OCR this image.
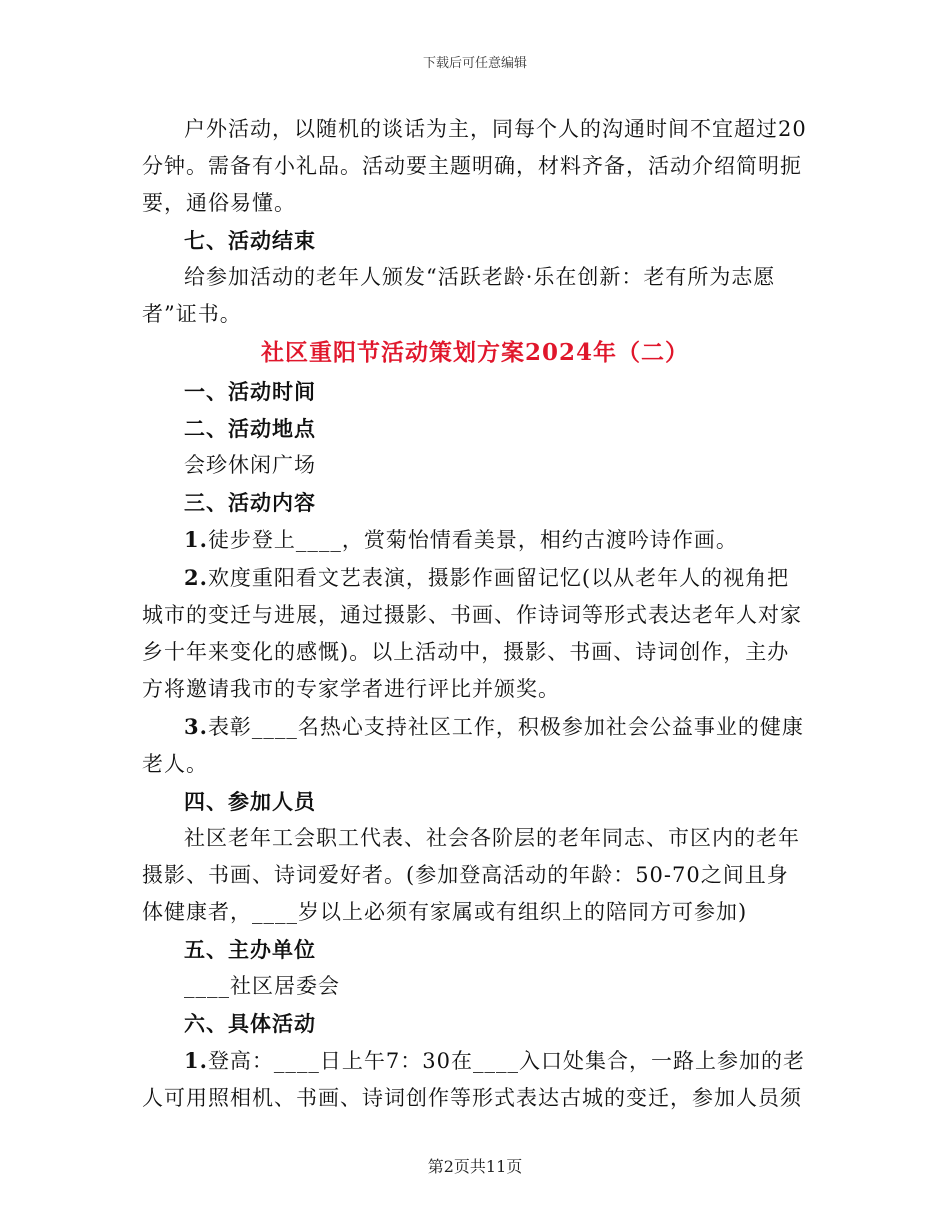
下载后可任意编辑

户外活动，以随机的谈话为主，同每个人的沟通时间不宜超过20分钟。需备有小礼品。活动要主题明确，材料齐备，活动介绍简明扼要，通俗易懂。

七、活动结束

给参加活动的老年人颁发“活跃老龄·乐在创新：老有所为志愿者”证书。

社区重阳节活动策划方案2024年（二）

一、活动时间

二、活动地点

会珍休闲广场

三、活动内容

1.徒步登上____，赏菊怡情看美景，相约古渡吟诗作画。

2.欢度重阳看文艺表演，摄影作画留记忆(以从老年人的视角把城市的变迁与进展，通过摄影、书画、作诗词等形式表达老年人对家乡十年来变化的感慨)。以上活动中，摄影、书画、诗词创作，主办方将邀请我市的专家学者进行评比并颁奖。

3.表彰____名热心支持社区工作，积极参加社会公益事业的健康老人。

四、参加人员

社区老年工会职工代表、社会各阶层的老年同志、市区内的老年摄影、书画、诗词爱好者。(参加登高活动的年龄：50-70之间且身体健康者，____岁以上必须有家属或有组织上的陪同方可参加)

五、主办单位

____社区居委会

六、具体活动

1.登高：____日上午7：30在____入口处集合，一路上参加的老人可用照相机、书画、诗词创作等形式表达古城的变迁，参加人员须

第2页共11页
